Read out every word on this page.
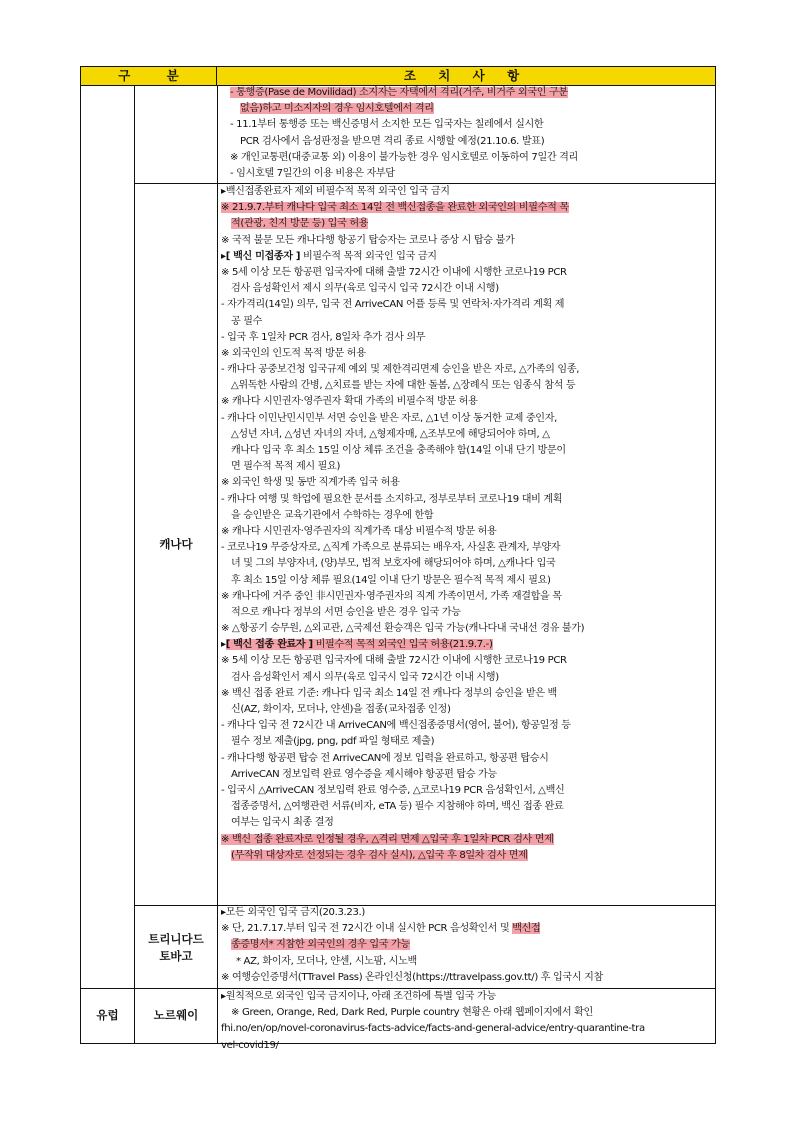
구 분	조 치 사 항
캐나다
트리니다드
토바고
유럽	노르웨이
- 통행증(Pase de Movilidad) 소지자는 자택에서 격리(거주, 비거주 외국인 구분
없음)하고 미소지자의 경우 임시호텔에서 격리
- 11.1부터 통행증 또는 백신증명서 소지한 모든 입국자는 칠레에서 실시한
PCR 검사에서 음성판정을 받으면 격리 종료 시행할 예정(21.10.6. 발표)
※ 개인교통편(대중교통 외) 이용이 불가능한 경우 임시호텔로 이동하여 7일간 격리
- 임시호텔 7일간의 이용 비용은 자부담
▸백신접종완료자 제외 비필수적 목적 외국인 입국 금지
※ 21.9.7.부터 캐나다 입국 최소 14일 전 백신접종을 완료한 외국인의 비필수적 목
적(관광, 친지 방문 등) 입국 허용
※ 국적 불문 모든 캐나다행 항공기 탑승자는 코로나 증상 시 탑승 불가
▸[ 백신 미접종자 ] 비필수적 목적 외국인 입국 금지
※ 5세 이상 모든 항공편 입국자에 대해 출발 72시간 이내에 시행한 코로나19 PCR
검사 음성확인서 제시 의무(육로 입국시 입국 72시간 이내 시행)
- 자가격리(14일) 의무, 입국 전 ArriveCAN 어플 등록 및 연락처·자가격리 계획 제
공 필수
- 입국 후 1일차 PCR 검사, 8일차 추가 검사 의무
※ 외국인의 인도적 목적 방문 허용
- 캐나다 공중보건청 입국규제 예외 및 제한격리면제 승인을 받은 자로, △가족의 임종,
△위독한 사람의 간병, △치료를 받는 자에 대한 돌봄, △장례식 또는 임종식 참석 등
※ 캐나다 시민권자·영주권자 확대 가족의 비필수적 방문 허용
- 캐나다 이민난민시민부 서면 승인을 받은 자로, △1년 이상 동거한 교제 중인자,
△성년 자녀, △성년 자녀의 자녀, △형제자매, △조부모에 해당되어야 하며, △
캐나다 입국 후 최소 15일 이상 체류 조건을 충족해야 함(14일 이내 단기 방문이
면 필수적 목적 제시 필요)
※ 외국인 학생 및 동반 직계가족 입국 허용
- 캐나다 여행 및 학업에 필요한 문서를 소지하고, 정부로부터 코로나19 대비 계획
을 승인받은 교육기관에서 수학하는 경우에 한함
※ 캐나다 시민권자·영주권자의 직계가족 대상 비필수적 방문 허용
- 코로나19 무증상자로, △직계 가족으로 분류되는 배우자, 사실혼 관계자, 부양자
녀 및 그의 부양자녀, (양)부모, 법적 보호자에 해당되어야 하며, △캐나다 입국
후 최소 15일 이상 체류 필요(14일 이내 단기 방문은 필수적 목적 제시 필요)
※ 캐나다에 거주 중인 非시민권자·영주권자의 직계 가족이면서, 가족 재결합을 목
적으로 캐나다 정부의 서면 승인을 받은 경우 입국 가능
※ △항공기 승무원, △외교관, △국제선 환승객은 입국 가능(캐나다내 국내선 경유 불가)
▸[ 백신 접종 완료자 ] 비필수적 목적 외국인 입국 허용(21.9.7.-)
※ 5세 이상 모든 항공편 입국자에 대해 출발 72시간 이내에 시행한 코로나19 PCR
검사 음성확인서 제시 의무(육로 입국시 입국 72시간 이내 시행)
※ 백신 접종 완료 기준: 캐나다 입국 최소 14일 전 캐나다 정부의 승인을 받은 백
신(AZ, 화이자, 모더나, 얀센)을 접종(교차접종 인정)
- 캐나다 입국 전 72시간 내 ArriveCAN에 백신접종증명서(영어, 불어), 항공일정 등
필수 정보 제출(jpg, png, pdf 파일 형태로 제출)
- 캐나다행 항공편 탑승 전 ArriveCAN에 정보 입력을 완료하고, 항공편 탑승시
ArriveCAN 정보입력 완료 영수증을 제시해야 항공편 탑승 가능
- 입국시 △ArriveCAN 정보입력 완료 영수증, △코로나19 PCR 음성확인서, △백신
접종증명서, △여행관련 서류(비자, eTA 등) 필수 지참해야 하며, 백신 접종 완료
여부는 입국시 최종 결정
※ 백신 접종 완료자로 인정될 경우, △격리 면제 △입국 후 1일차 PCR 검사 면제
(무작위 대상자로 선정되는 경우 검사 실시), △입국 후 8일차 검사 면제
▸모든 외국인 입국 금지(20.3.23.)
※ 단, 21.7.17.부터 입국 전 72시간 이내 실시한 PCR 음성확인서 및 백신접
종증명서* 지참한 외국인의 경우 입국 가능
* AZ, 화이자, 모더나, 얀센, 시노팜, 시노백
※ 여행승인증명서(TTravel Pass) 온라인신청(https://ttravelpass.gov.tt/) 후 입국시 지참
▸원칙적으로 외국인 입국 금지이나, 아래 조건하에 특별 입국 가능
※ Green, Orange, Red, Dark Red, Purple country 현황은 아래 웹페이지에서 확인
fhi.no/en/op/novel-coronavirus-facts-advice/facts-and-general-advice/entry-quarantine-tra
vel-covid19/
